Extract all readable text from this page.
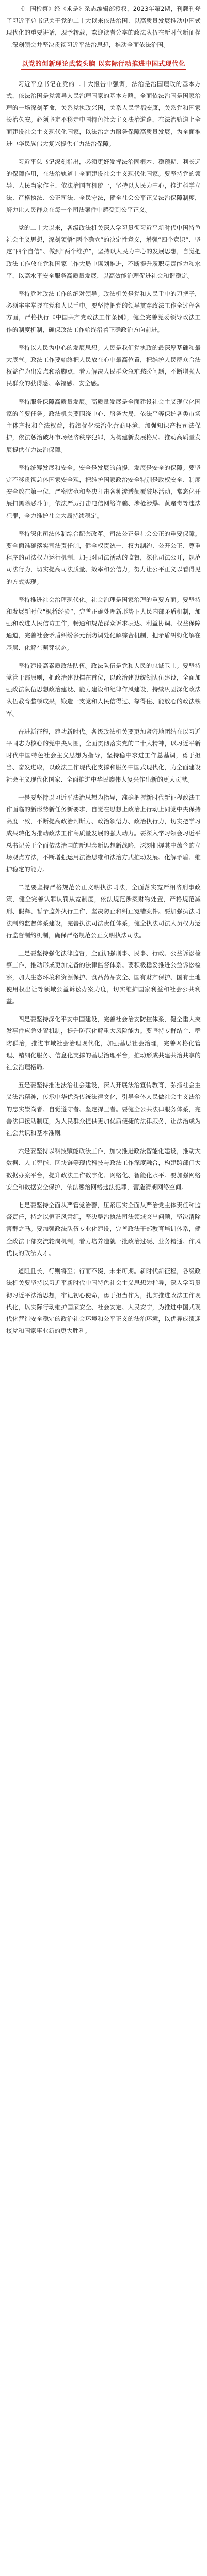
《中国检察》经《求是》杂志编辑部授权，2023年第2期，刊载刊登了习近平总书记关于党的二十大以来依法治国、以高质量发展推动中国式现代化的重要讲话，现予转载，欢迎读者分享的政法队伍在新时代新征程上深刻领会并坚决贯彻习近平法治思想，推动全面依法治国。

以党的创新理论武装头脑 以实际行动推进中国式现代化

习近平总书记在党的二十大报告中强调，法治是治国理政的基本方式，依法治国是党领导人民治理国家的基本方略。全面依法治国是国家治理的一场深刻革命，关系党执政兴国，关系人民幸福安康，关系党和国家长治久安。必须坚定不移走中国特色社会主义法治道路，在法治轨道上全面建设社会主义现代化国家，以法治之力服务保障高质量发展，为全面推进中华民族伟大复兴提供有力法治保障。

习近平总书记深刻指出，必须更好发挥法治固根本、稳预期、利长远的保障作用，在法治轨道上全面建设社会主义现代化国家。要坚持党的领导、人民当家作主、依法治国有机统一，坚持以人民为中心，推进科学立法、严格执法、公正司法、全民守法，健全社会公平正义法治保障制度，努力让人民群众在每一个司法案件中感受到公平正义。

党的二十大以来，各级政法机关深入学习贯彻习近平新时代中国特色社会主义思想，深刻领悟“两个确立”的决定性意义，增强“四个意识”、坚定“四个自信”、做到“两个维护”，坚持以人民为中心的发展思想，自觉把政法工作放在党和国家工作大局中谋划推进，不断提升履职尽责能力和水平，以高水平安全服务高质量发展，以高效能治理促进社会和谐稳定。

坚持党对政法工作的绝对领导。政法机关是党和人民手中的刀把子，必须牢牢掌握在党和人民手中。要坚持把党的领导贯穿政法工作全过程各方面，严格执行《中国共产党政法工作条例》，健全完善党委领导政法工作的制度机制，确保政法工作始终沿着正确政治方向前进。

坚持以人民为中心的发展思想。人民是我们党执政的最深厚基础和最大底气。政法工作要始终把人民放在心中最高位置，把维护人民群众合法权益作为出发点和落脚点，着力解决人民群众急难愁盼问题，不断增强人民群众的获得感、幸福感、安全感。

坚持服务保障高质量发展。高质量发展是全面建设社会主义现代化国家的首要任务。政法机关要围绕中心、服务大局，依法平等保护各类市场主体产权和合法权益，持续优化法治化营商环境，加强知识产权司法保护，依法惩治破坏市场经济秩序犯罪，为构建新发展格局、推动高质量发展提供有力法治保障。

坚持统筹发展和安全。安全是发展的前提，发展是安全的保障。要坚定不移贯彻总体国家安全观，把维护国家政治安全特别是政权安全、制度安全放在第一位，严密防范和坚决打击各种渗透颠覆破坏活动，常态化开展扫黑除恶斗争，依法严厉打击电信网络诈骗、涉枪涉爆、黄赌毒等违法犯罪，全力维护社会大局持续稳定。

坚持深化司法体制综合配套改革。司法公正是社会公正的重要保障。要全面准确落实司法责任制，健全权责统一、权力制约、公开公正、尊重程序的司法权力运行机制，加强对司法活动的监督，深化司法公开，规范司法行为，切实提高司法质量、效率和公信力，努力让公平正义以看得见的方式实现。

坚持推进社会治理现代化。社会治理是国家治理的重要方面。要坚持和发展新时代“枫桥经验”，完善正确处理新形势下人民内部矛盾机制，加强和改进人民信访工作，畅通和规范群众诉求表达、利益协调、权益保障通道，完善社会矛盾纠纷多元预防调处化解综合机制，把矛盾纠纷化解在基层、化解在萌芽状态。

坚持建设高素质政法队伍。政法队伍是党和人民的忠诚卫士。要坚持党管干部原则，把政治建设摆在首位，以政治建设统领队伍建设，全面加强政法队伍思想政治建设、能力建设和纪律作风建设，持续巩固深化政法队伍教育整顿成果，锻造一支党和人民信得过、靠得住、能放心的政法铁军。

奋进新征程，建功新时代。各级政法机关要更加紧密地团结在以习近平同志为核心的党中央周围，全面贯彻落实党的二十大精神，以习近平新时代中国特色社会主义思想为指导，坚持稳中求进工作总基调，勇于担当、奋发进取，以政法工作现代化支撑和服务中国式现代化，为全面建设社会主义现代化国家、全面推进中华民族伟大复兴作出新的更大贡献。

一是要坚持以习近平法治思想为指导，准确把握新时代新征程政法工作面临的新形势新任务新要求，自觉在思想上政治上行动上同党中央保持高度一致，不断提高政治判断力、政治领悟力、政治执行力，切实把学习成果转化为推动政法工作高质量发展的强大动力。要深入学习领会习近平总书记关于全面依法治国的新理念新思想新战略，深刻把握其中蕴含的立场观点方法，不断增强运用法治思维和法治方式推动发展、化解矛盾、维护稳定的能力。

二是要坚持严格规范公正文明执法司法，全面落实宽严相济刑事政策，健全完善认罪认罚从宽制度，依法规范涉案财物处置，严格规范减刑、假释、暂予监外执行工作，坚决防止和纠正冤错案件。要加强执法司法制约监督体系建设，完善执法司法责任体系，健全执法司法人员权力运行监督制约机制，确保严格规范公正文明执法司法。

三是要坚持强化法律监督，全面加强刑事、民事、行政、公益诉讼检察工作，推动形成更加完备的法律监督体系。要积极稳妥推进公益诉讼检察，加大生态环境和资源保护、食品药品安全、国有财产保护、国有土地使用权出让等领域公益诉讼办案力度，切实维护国家利益和社会公共利益。

四是要坚持深化平安中国建设，完善社会治安防控体系，健全重大突发事件应急处置机制，提升防范化解重大风险能力。要坚持专群结合、群防群治，推进市域社会治理现代化，加强基层社会治理，完善网格化管理、精细化服务、信息化支撑的基层治理平台，推动形成共建共治共享的社会治理格局。

五是要坚持推进法治社会建设，深入开展法治宣传教育，弘扬社会主义法治精神，传承中华优秀传统法律文化，引导全体人民做社会主义法治的忠实崇尚者、自觉遵守者、坚定捍卫者。要健全公共法律服务体系，完善法律援助制度，为人民群众提供更加优质便捷的法律服务，让法治成为社会共识和基本准则。

六是要坚持以科技赋能政法工作，加快推进政法智能化建设，推动大数据、人工智能、区块链等现代科技与政法工作深度融合，构建跨部门大数据办案平台，提升政法工作数字化、网络化、智能化水平。要加强网络安全和数据安全保护，依法惩治网络违法犯罪，营造清朗网络空间。

七是要坚持全面从严管党治警，压紧压实全面从严治党主体责任和监督责任，持之以恒正风肃纪，坚决整治执法司法领域突出问题，坚决清除害群之马。要加强政法队伍专业化建设，完善政法干部教育培训体系，健全政法干部交流轮岗机制，着力培养造就一批政治过硬、业务精通、作风优良的政法人才。

道阻且长，行则将至；行而不辍，未来可期。新时代新征程，各级政法机关要坚持以习近平新时代中国特色社会主义思想为指导，深入学习贯彻习近平法治思想，牢记初心使命，勇于担当作为，扎实推进政法工作现代化，以实际行动维护国家安全、社会安定、人民安宁，为推进中国式现代化营造安全稳定的政治社会环境和公平正义的法治环境，以优异成绩迎接党和国家事业新的更大胜利。
